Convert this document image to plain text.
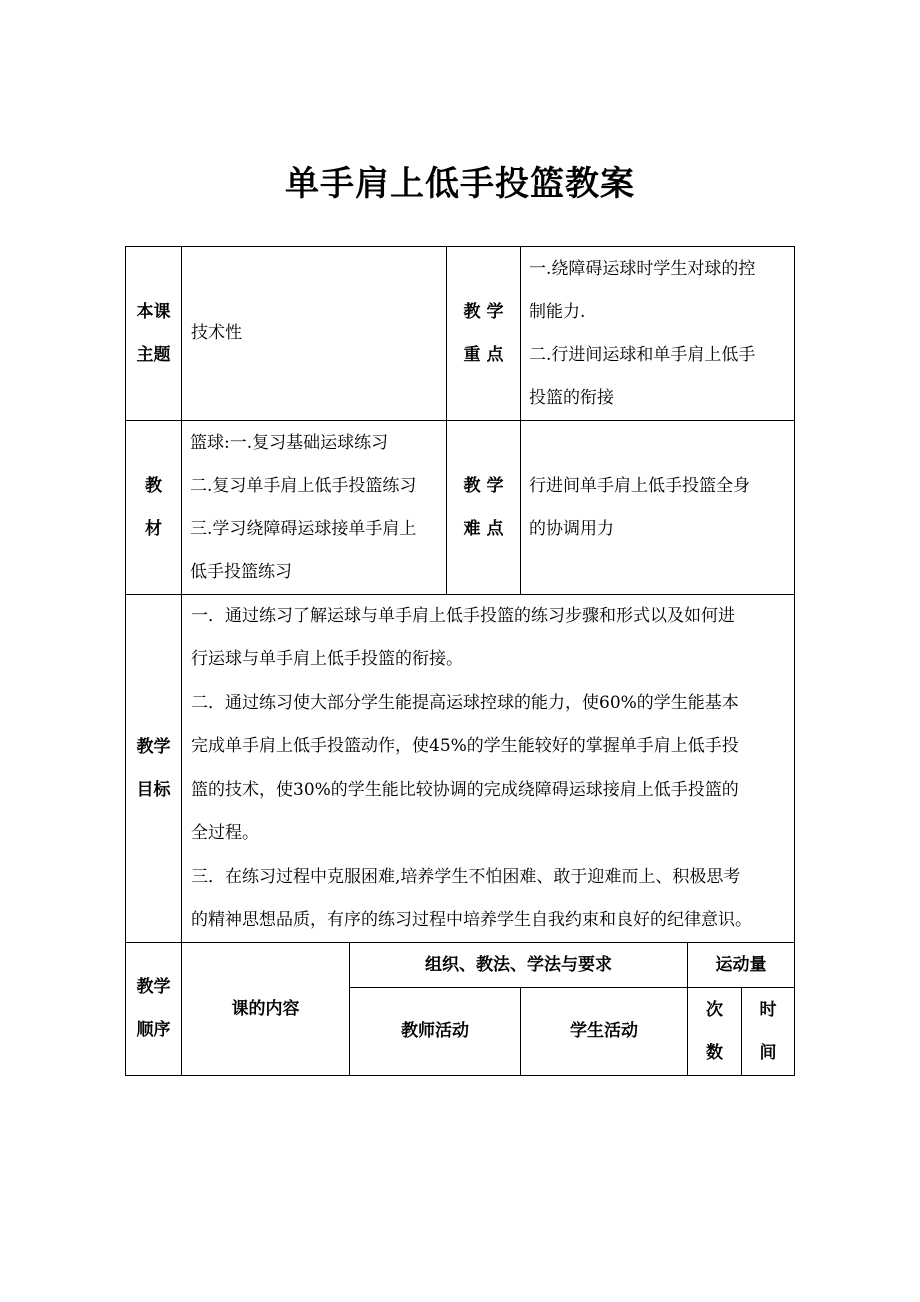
单手肩上低手投篮教案
本课
主题
技术性
教 学
重 点
一.绕障碍运球时学生对球的控
制能力.
二.行进间运球和单手肩上低手
投篮的衔接
教
材
篮球:一.复习基础运球练习
二.复习单手肩上低手投篮练习
三.学习绕障碍运球接单手肩上
低手投篮练习
教 学
难 点
行进间单手肩上低手投篮全身
的协调用力
教学
目标
一．通过练习了解运球与单手肩上低手投篮的练习步骤和形式以及如何进
行运球与单手肩上低手投篮的衔接。
二．通过练习使大部分学生能提高运球控球的能力，使60%的学生能基本
完成单手肩上低手投篮动作，使45%的学生能较好的掌握单手肩上低手投
篮的技术，使30%的学生能比较协调的完成绕障碍运球接肩上低手投篮的
全过程。
三．在练习过程中克服困难,培养学生不怕困难、敢于迎难而上、积极思考
的精神思想品质，有序的练习过程中培养学生自我约束和良好的纪律意识。
教学
顺序
课的内容
组织、教法、学法与要求	运动量
教师活动	学生活动
次
数
时
间
